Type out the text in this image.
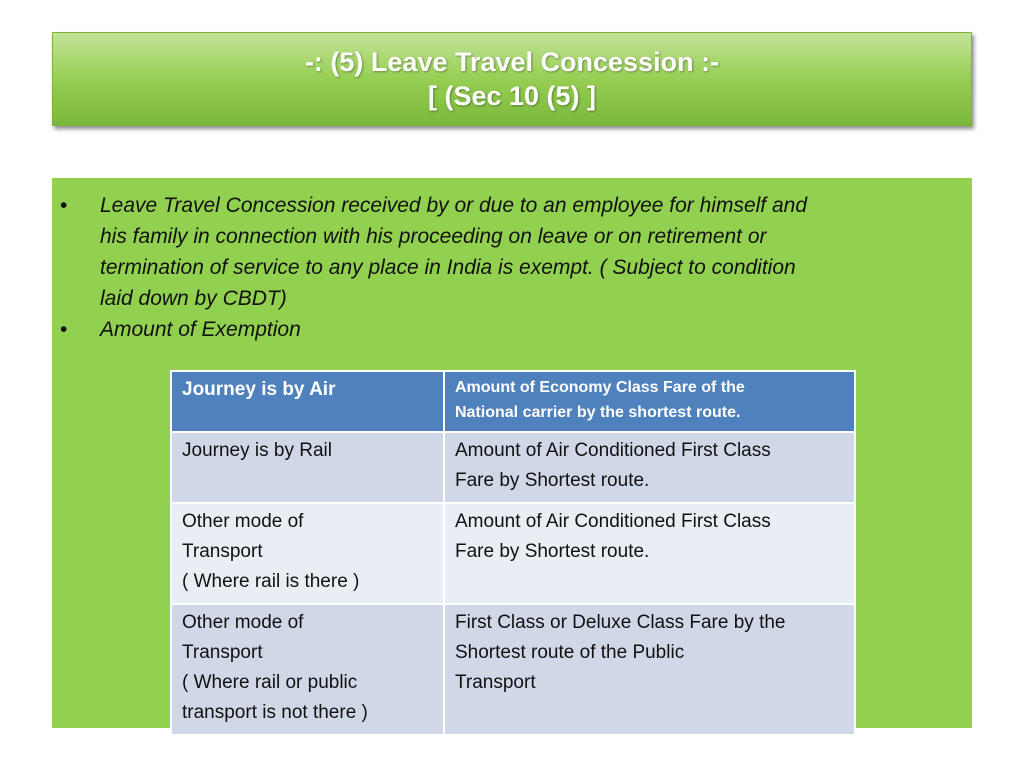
-: (5) Leave Travel Concession :-
[ (Sec 10 (5) ]
• Leave Travel Concession received by or due to an employee for himself and
his family in connection with his proceeding on leave or on retirement or
termination of service to any place in India is exempt. ( Subject to condition
laid down by CBDT)
• Amount of Exemption
Journey is by Air	Amount of Economy Class Fare of the
National carrier by the shortest route.

Journey is by Rail	Amount of Air Conditioned First Class
Fare by Shortest route.

Other mode of
Transport
( Where rail is there )	Amount of Air Conditioned First Class
Fare by Shortest route.

Other mode of
Transport
( Where rail or public
transport is not there )	First Class or Deluxe Class Fare by the
Shortest route of the Public
Transport
